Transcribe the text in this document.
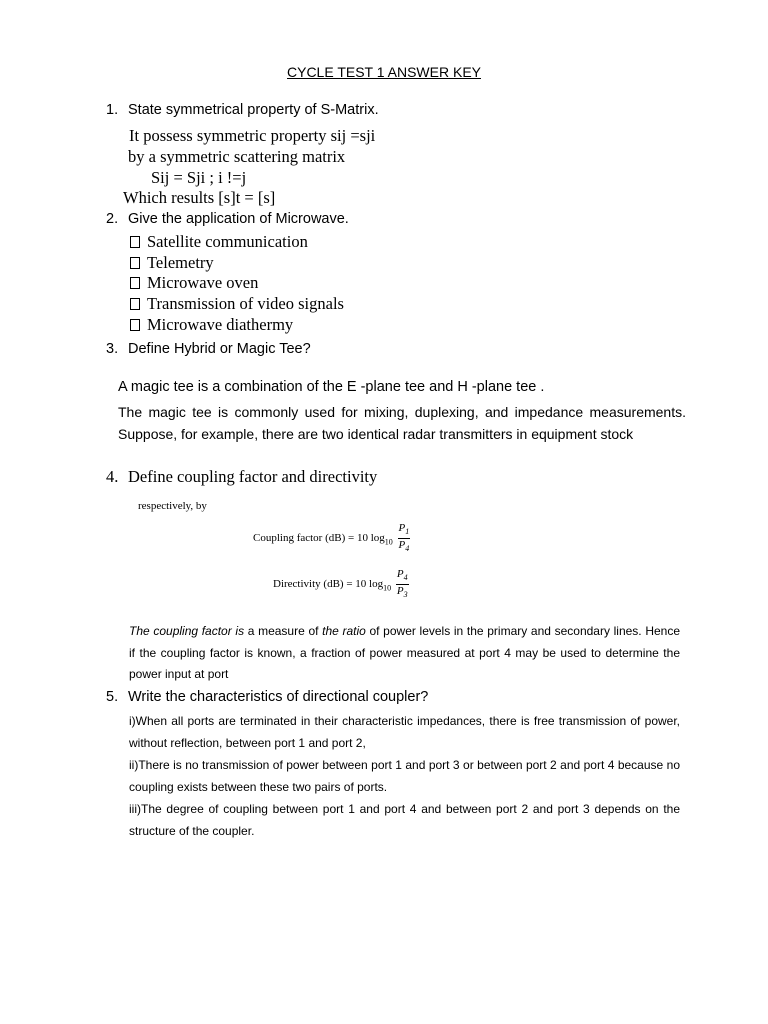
CYCLE TEST 1 ANSWER KEY
1. State symmetrical property of S-Matrix.
It possess symmetric property sij =sji
by a symmetric scattering matrix
Sij = Sji ; i !=j
Which results [s]t = [s]
2. Give the application of Microwave.
Satellite communication
Telemetry
Microwave oven
Transmission of video signals
Microwave diathermy
3. Define Hybrid or Magic Tee?
A magic tee is a combination of the E -plane tee and H -plane tee .
The magic tee is commonly used for mixing, duplexing, and impedance measurements. Suppose, for example, there are two identical radar transmitters in equipment stock
4. Define coupling factor and directivity
respectively, by
Coupling factor (dB) = 10 $\log_{10} \frac{P_1}{P_4}$
Directivity (dB) = 10 $\log_{10} \frac{P_4}{P_3}$
The coupling factor is a measure of the ratio of power levels in the primary and secondary lines. Hence if the coupling factor is known, a fraction of power measured at port 4 may be used to determine the power input at port
5. Write the characteristics of directional coupler?
i)When all ports are terminated in their characteristic impedances, there is free transmission of power, without reflection, between port 1 and port 2,
ii)There is no transmission of power between port 1 and port 3 or between port 2 and port 4 because no coupling exists between these two pairs of ports.
iii)The degree of coupling between port 1 and port 4 and between port 2 and port 3 depends on the structure of the coupler.
